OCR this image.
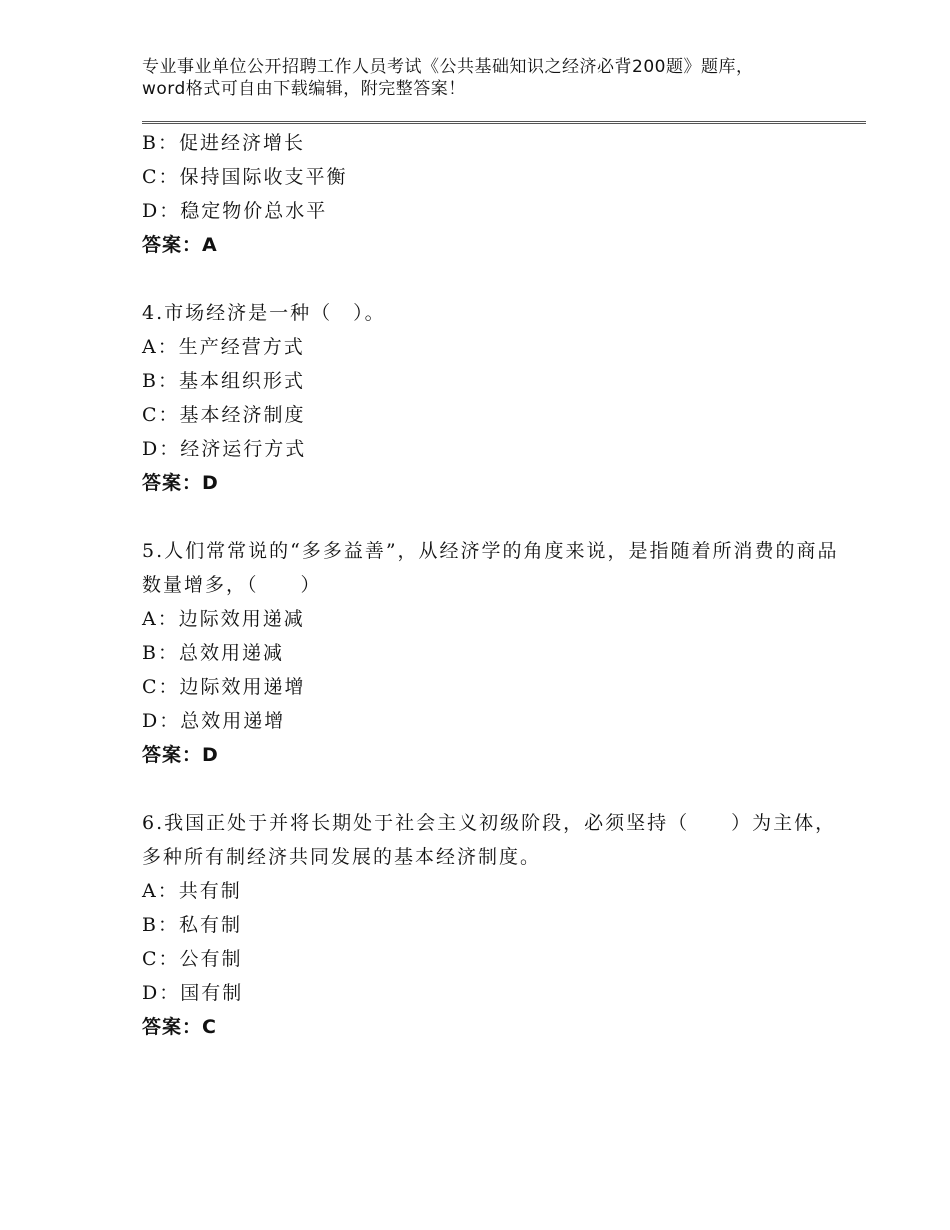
专业事业单位公开招聘工作人员考试《公共基础知识之经济必背200题》题库，word格式可自由下载编辑，附完整答案！
B：促进经济增长
C：保持国际收支平衡
D：稳定物价总水平
答案：A
4.市场经济是一种（　）。
A：生产经营方式
B：基本组织形式
C：基本经济制度
D：经济运行方式
答案：D
5.人们常常说的“多多益善”，从经济学的角度来说，是指随着所消费的商品数量增多，（　　）
A：边际效用递减
B：总效用递减
C：边际效用递增
D：总效用递增
答案：D
6.我国正处于并将长期处于社会主义初级阶段，必须坚持（　　）为主体，多种所有制经济共同发展的基本经济制度。
A：共有制
B：私有制
C：公有制
D：国有制
答案：C
